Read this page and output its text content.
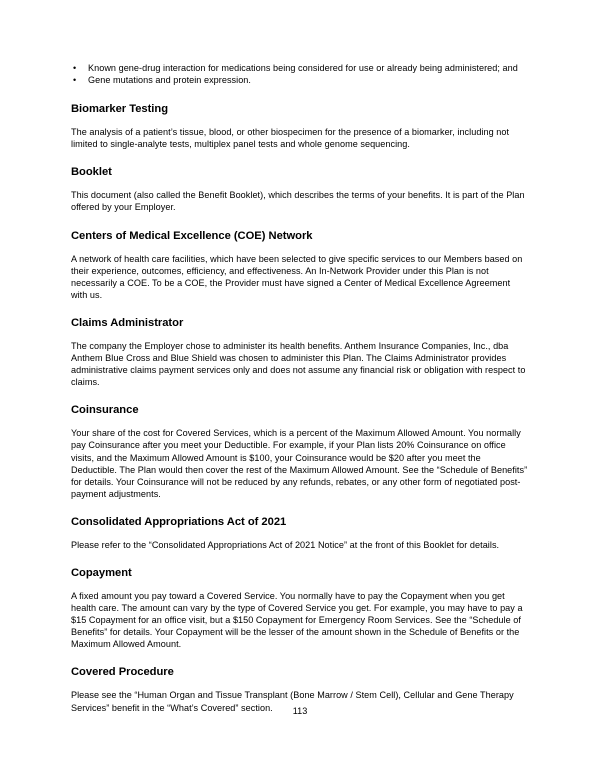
• Known gene-drug interaction for medications being considered for use or already being administered; and
• Gene mutations and protein expression.
Biomarker Testing

The analysis of a patient’s tissue, blood, or other biospecimen for the presence of a biomarker, including not limited to single-analyte tests, multiplex panel tests and whole genome sequencing.

Booklet

This document (also called the Benefit Booklet), which describes the terms of your benefits. It is part of the Plan offered by your Employer.

Centers of Medical Excellence (COE) Network

A network of health care facilities, which have been selected to give specific services to our Members based on their experience, outcomes, efficiency, and effectiveness. An In-Network Provider under this Plan is not necessarily a COE. To be a COE, the Provider must have signed a Center of Medical Excellence Agreement with us.

Claims Administrator

The company the Employer chose to administer its health benefits. Anthem Insurance Companies, Inc., dba Anthem Blue Cross and Blue Shield was chosen to administer this Plan. The Claims Administrator provides administrative claims payment services only and does not assume any financial risk or obligation with respect to claims.

Coinsurance

Your share of the cost for Covered Services, which is a percent of the Maximum Allowed Amount. You normally pay Coinsurance after you meet your Deductible. For example, if your Plan lists 20% Coinsurance on office visits, and the Maximum Allowed Amount is $100, your Coinsurance would be $20 after you meet the Deductible. The Plan would then cover the rest of the Maximum Allowed Amount. See the “Schedule of Benefits” for details. Your Coinsurance will not be reduced by any refunds, rebates, or any other form of negotiated post-payment adjustments.

Consolidated Appropriations Act of 2021

Please refer to the “Consolidated Appropriations Act of 2021 Notice” at the front of this Booklet for details.

Copayment

A fixed amount you pay toward a Covered Service. You normally have to pay the Copayment when you get health care. The amount can vary by the type of Covered Service you get. For example, you may have to pay a $15 Copayment for an office visit, but a $150 Copayment for Emergency Room Services. See the “Schedule of Benefits” for details. Your Copayment will be the lesser of the amount shown in the Schedule of Benefits or the Maximum Allowed Amount.

Covered Procedure

Please see the “Human Organ and Tissue Transplant (Bone Marrow / Stem Cell), Cellular and Gene Therapy Services” benefit in the “What’s Covered” section.	113
